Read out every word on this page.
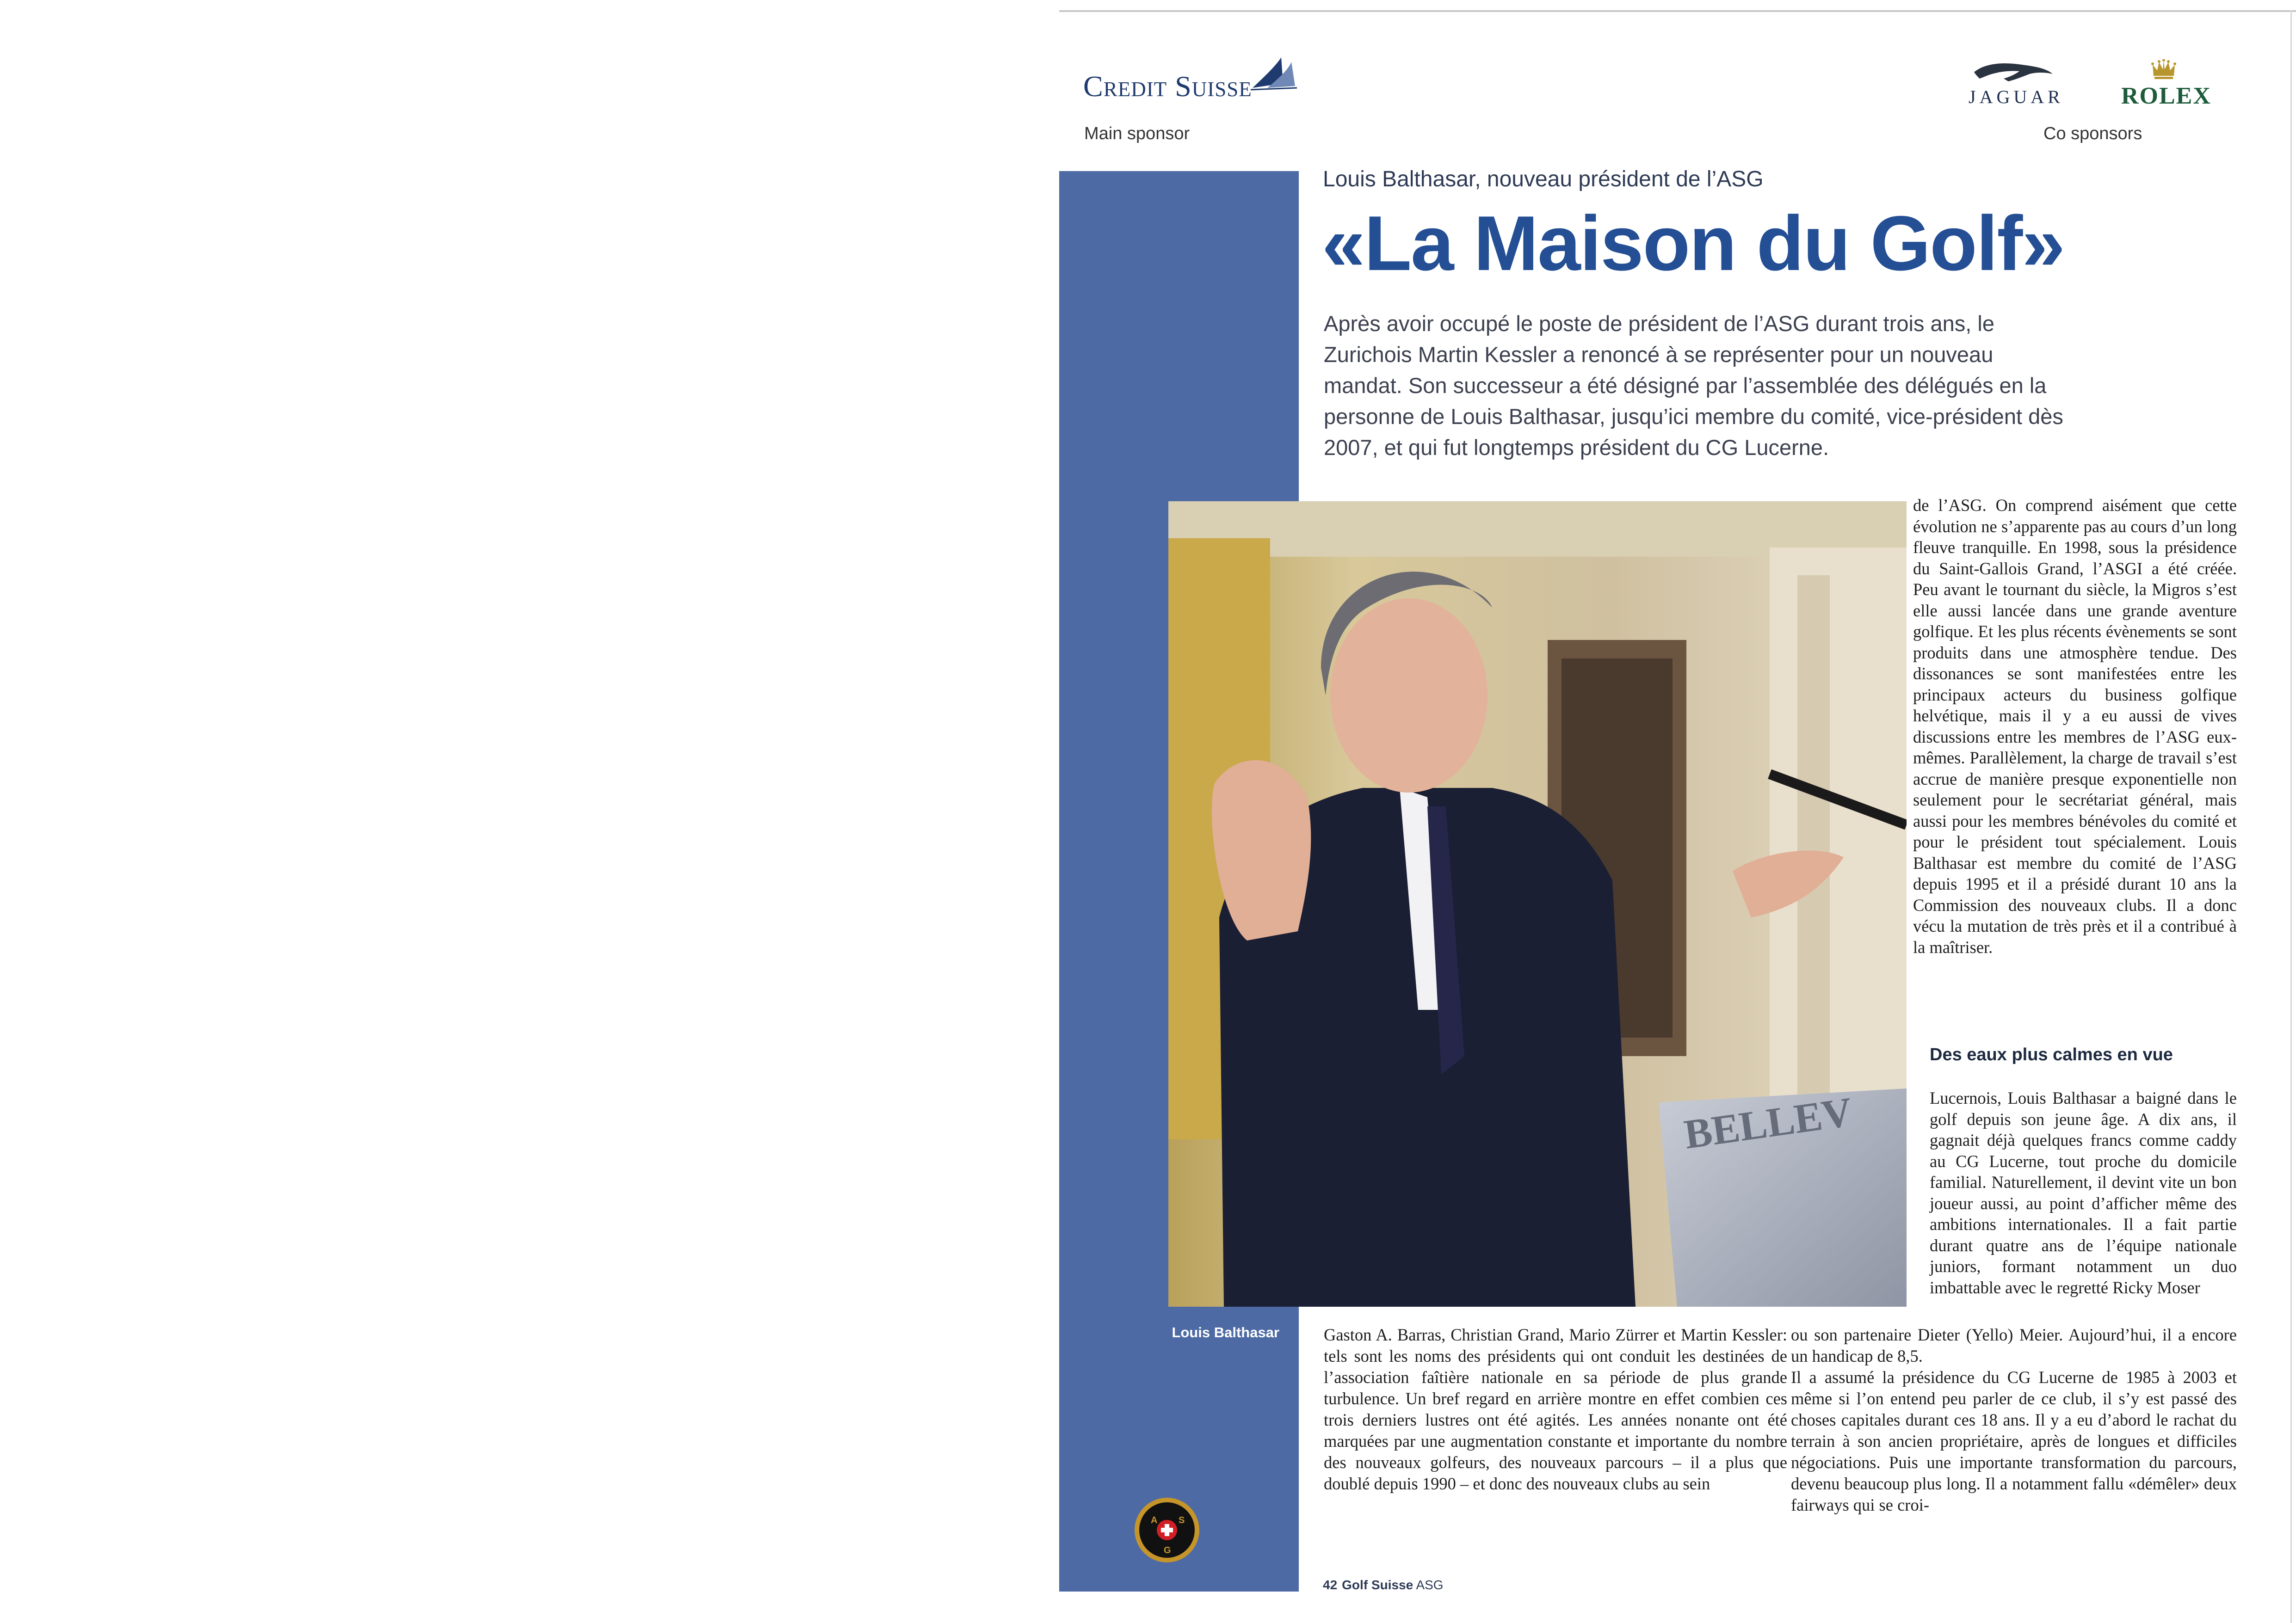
Credit Suisse
Main sponsor
JAGUAR ROLEX
Co sponsors
Louis Balthasar, nouveau président de l’ASG
«La Maison du Golf»
Après avoir occupé le poste de président de l’ASG durant trois ans, le Zurichois Martin Kessler a renoncé à se représenter pour un nouveau mandat. Son successeur a été désigné par l’assemblée des délégués en la personne de Louis Balthasar, jusqu’ici membre du comité, vice-président dès 2007, et qui fut longtemps président du CG Lucerne.
BELLEV
Louis Balthasar
A S
G

de l’ASG. On comprend aisément que cette évolution ne s’apparente pas au cours d’un long fleuve tranquille. En 1998, sous la présidence du Saint-Gallois Grand, l’ASGI a été créée. Peu avant le tournant du siècle, la Migros s’est elle aussi lancée dans une grande aventure golfique. Et les plus récents évènements se sont produits dans une atmosphère tendue. Des dissonances se sont manifestées entre les principaux acteurs du business golfique helvétique, mais il y a eu aussi de vives discussions entre les membres de l’ASG eux-mêmes. Parallèlement, la charge de travail s’est accrue de manière presque exponentielle non seulement pour le secrétariat général, mais aussi pour les membres bénévoles du comité et pour le président tout spécialement. Louis Balthasar est membre du comité de l’ASG depuis 1995 et il a présidé durant 10 ans la Commission des nouveaux clubs. Il a donc vécu la mutation de très près et il a contribué à la maîtriser.

Des eaux plus calmes en vue

Lucernois, Louis Balthasar a baigné dans le golf depuis son jeune âge. A dix ans, il gagnait déjà quelques francs comme caddy au CG Lucerne, tout proche du domicile familial. Naturellement, il devint vite un bon joueur aussi, au point d’afficher même des ambitions internationales. Il a fait partie durant quatre ans de l’équipe nationale juniors, formant notamment un duo imbattable avec le regretté Ricky Moser

Gaston A. Barras, Christian Grand, Mario Zürrer et Martin Kessler: tels sont les noms des présidents qui ont conduit les destinées de l’association faîtière nationale en sa période de plus grande turbulence. Un bref regard en arrière montre en effet combien ces trois derniers lustres ont été agités. Les années nonante ont été marquées par une augmentation constante et importante du nombre des nouveaux golfeurs, des nouveaux parcours – il a plus que doublé depuis 1990 – et donc des nouveaux clubs au sein

ou son partenaire Dieter (Yello) Meier. Aujourd’hui, il a encore un handicap de 8,5.

Il a assumé la présidence du CG Lucerne de 1985 à 2003 et même si l’on entend peu parler de ce club, il s’y est passé des choses capitales durant ces 18 ans. Il y a eu d’abord le rachat du terrain à son ancien propriétaire, après de longues et difficiles négociations. Puis une importante transformation du parcours, devenu beaucoup plus long. Il a notamment fallu «démêler» deux fairways qui se croi-

42 Golf Suisse ASG
